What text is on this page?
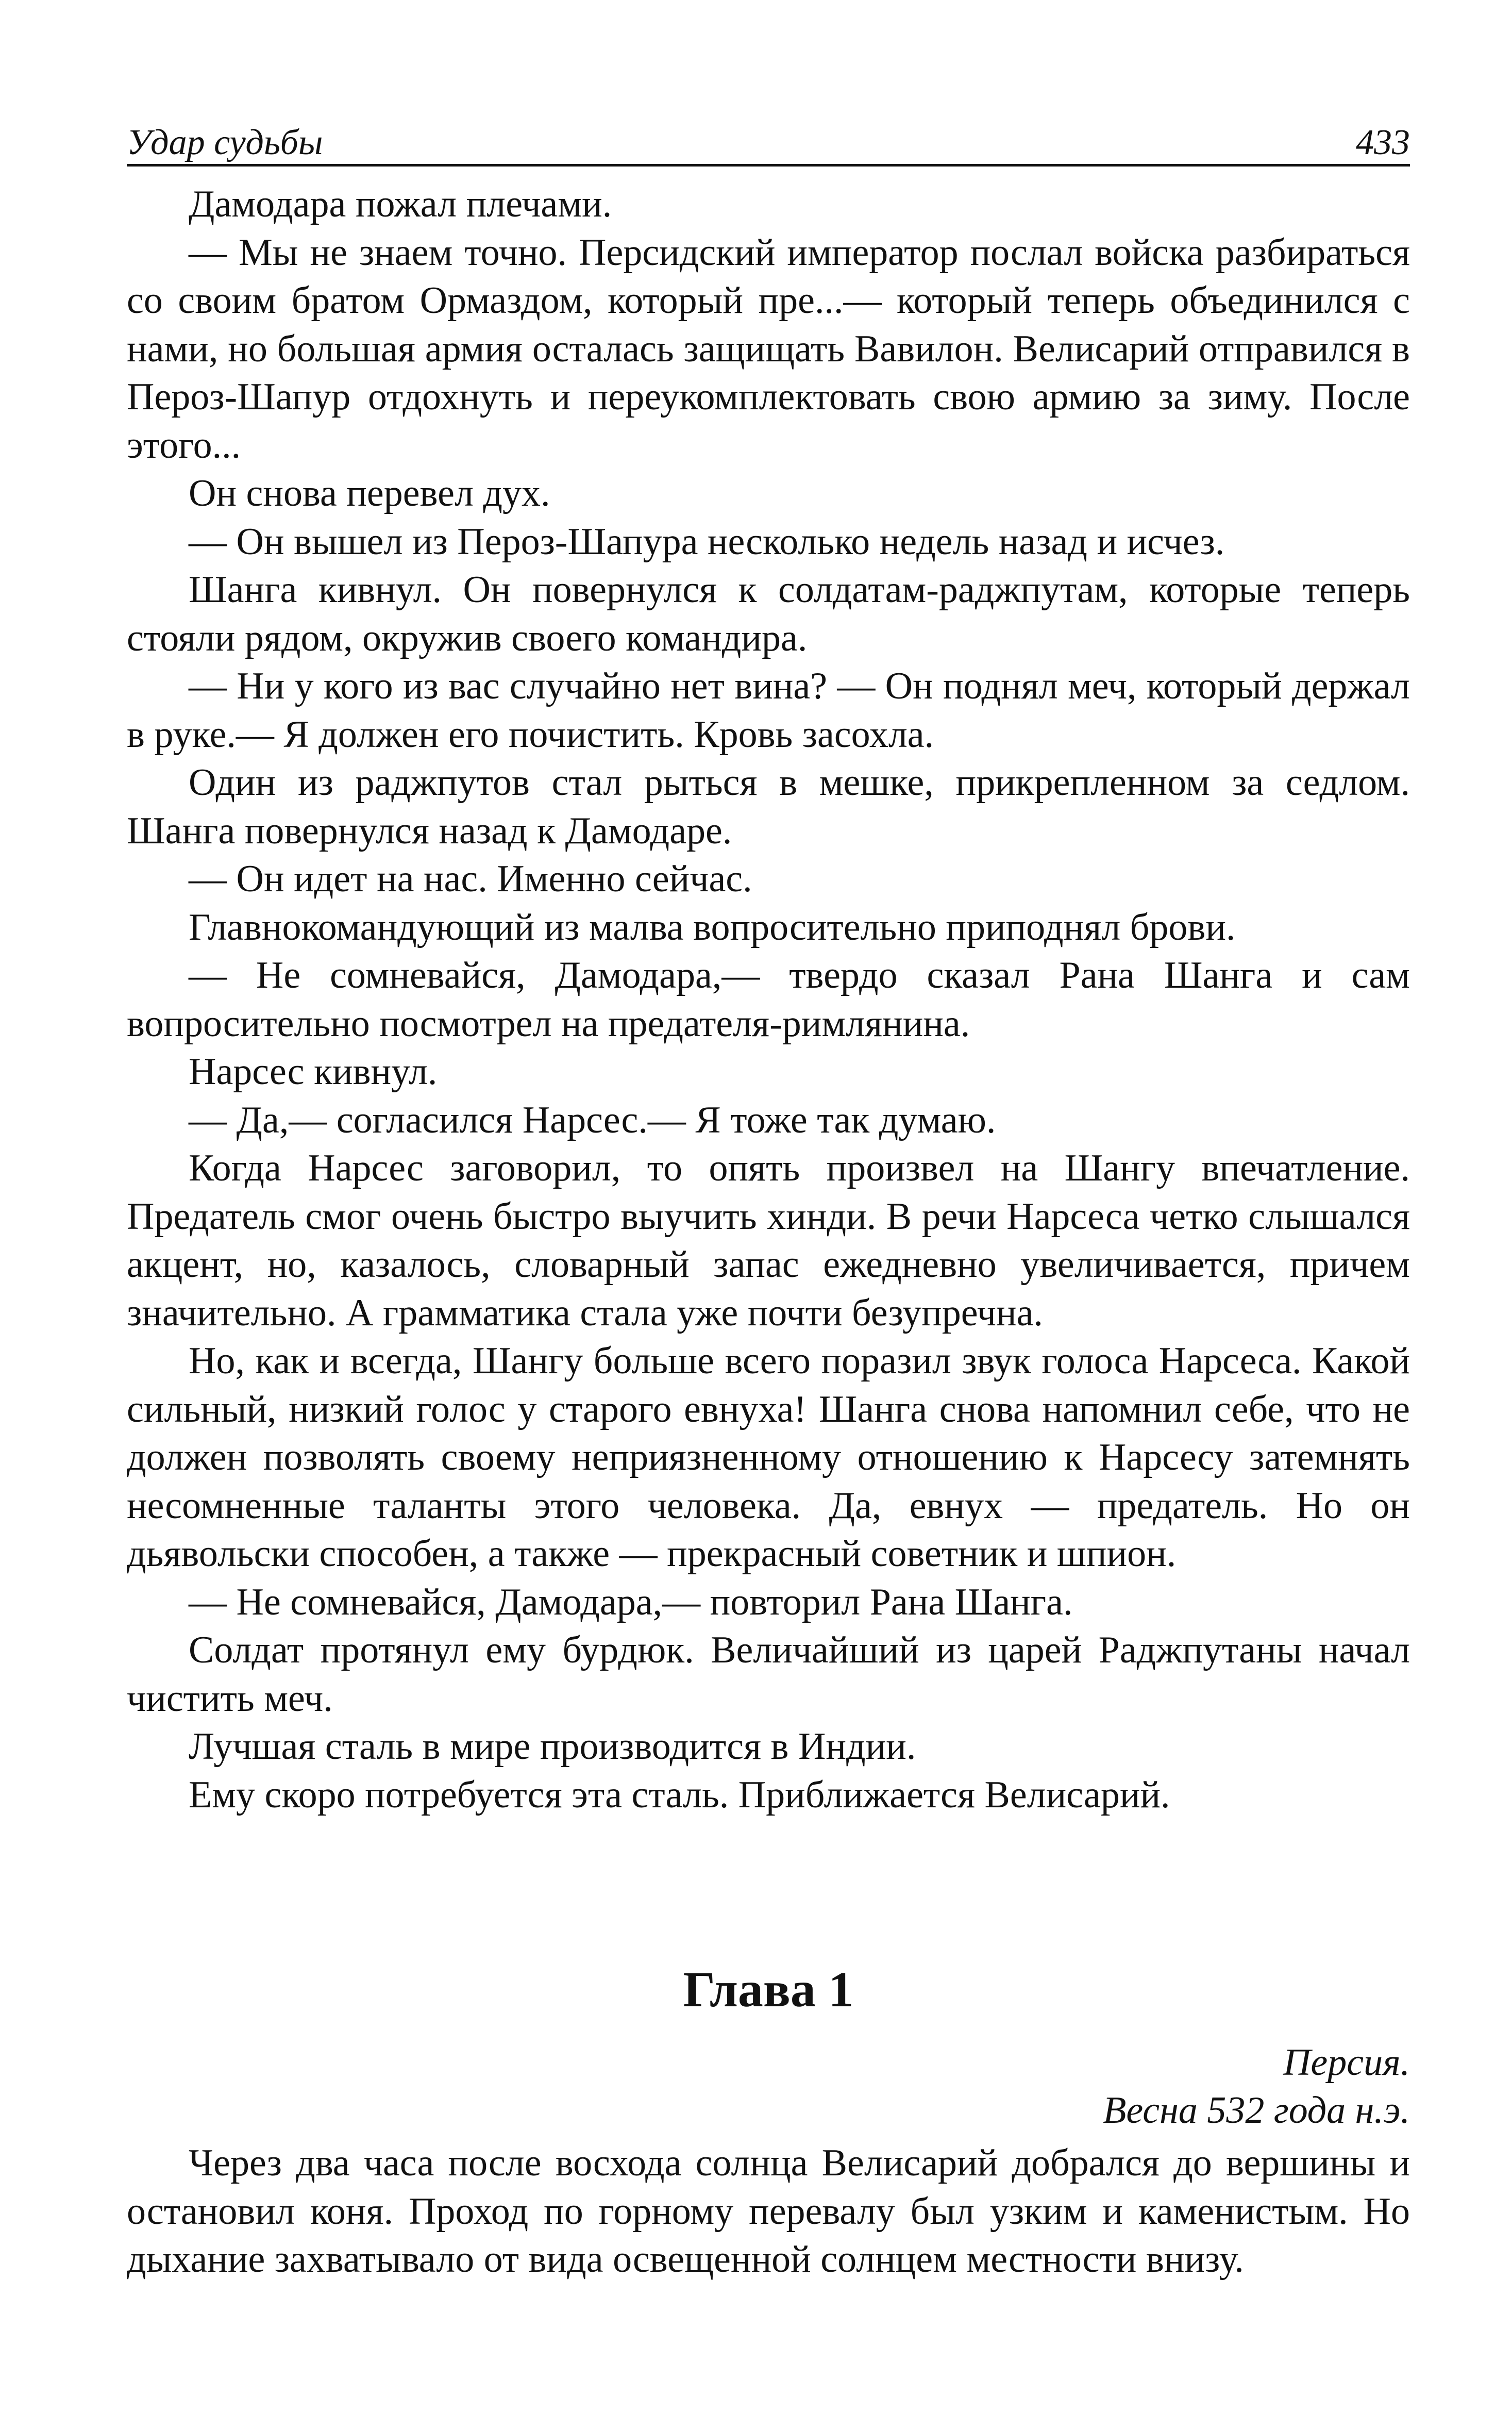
Удар судьбы	433

Дамодара пожал плечами.

— Мы не знаем точно. Персидский император послал войска разбираться со своим братом Ормаздом, который пре...— который теперь объединился с нами, но большая армия осталась защищать Вавилон. Велисарий отправился в Пероз-Шапур отдохнуть и переукомплектовать свою армию за зиму. После этого...

Он снова перевел дух.

— Он вышел из Пероз-Шапура несколько недель назад и исчез.

Шанга кивнул. Он повернулся к солдатам-раджпутам, которые теперь стояли рядом, окружив своего командира.

— Ни у кого из вас случайно нет вина? — Он поднял меч, который держал в руке.— Я должен его почистить. Кровь засохла.

Один из раджпутов стал рыться в мешке, прикрепленном за седлом. Шанга повернулся назад к Дамодаре.

— Он идет на нас. Именно сейчас.

Главнокомандующий из малва вопросительно приподнял брови.

— Не сомневайся, Дамодара,— твердо сказал Рана Шанга и сам вопросительно посмотрел на предателя-римлянина.

Нарсес кивнул.

— Да,— согласился Нарсес.— Я тоже так думаю.

Когда Нарсес заговорил, то опять произвел на Шангу впечатление. Предатель смог очень быстро выучить хинди. В речи Нарсеса четко слышался акцент, но, казалось, словарный запас ежедневно увеличивается, причем значительно. А грамматика стала уже почти безупречна.

Но, как и всегда, Шангу больше всего поразил звук голоса Нарсеса. Какой сильный, низкий голос у старого евнуха! Шанга снова напомнил себе, что не должен позволять своему неприязненному отношению к Нарсесу затемнять несомненные таланты этого человека. Да, евнух — предатель. Но он дьявольски способен, а также — прекрасный советник и шпион.

— Не сомневайся, Дамодара,— повторил Рана Шанга.

Солдат протянул ему бурдюк. Величайший из царей Раджпутаны начал чистить меч.

Лучшая сталь в мире производится в Индии.

Ему скоро потребуется эта сталь. Приближается Велисарий.

Глава 1
Персия.
Весна 532 года н.э.

Через два часа после восхода солнца Велисарий добрался до вершины и остановил коня. Проход по горному перевалу был узким и каменистым. Но дыхание захватывало от вида освещенной солнцем местности внизу.
